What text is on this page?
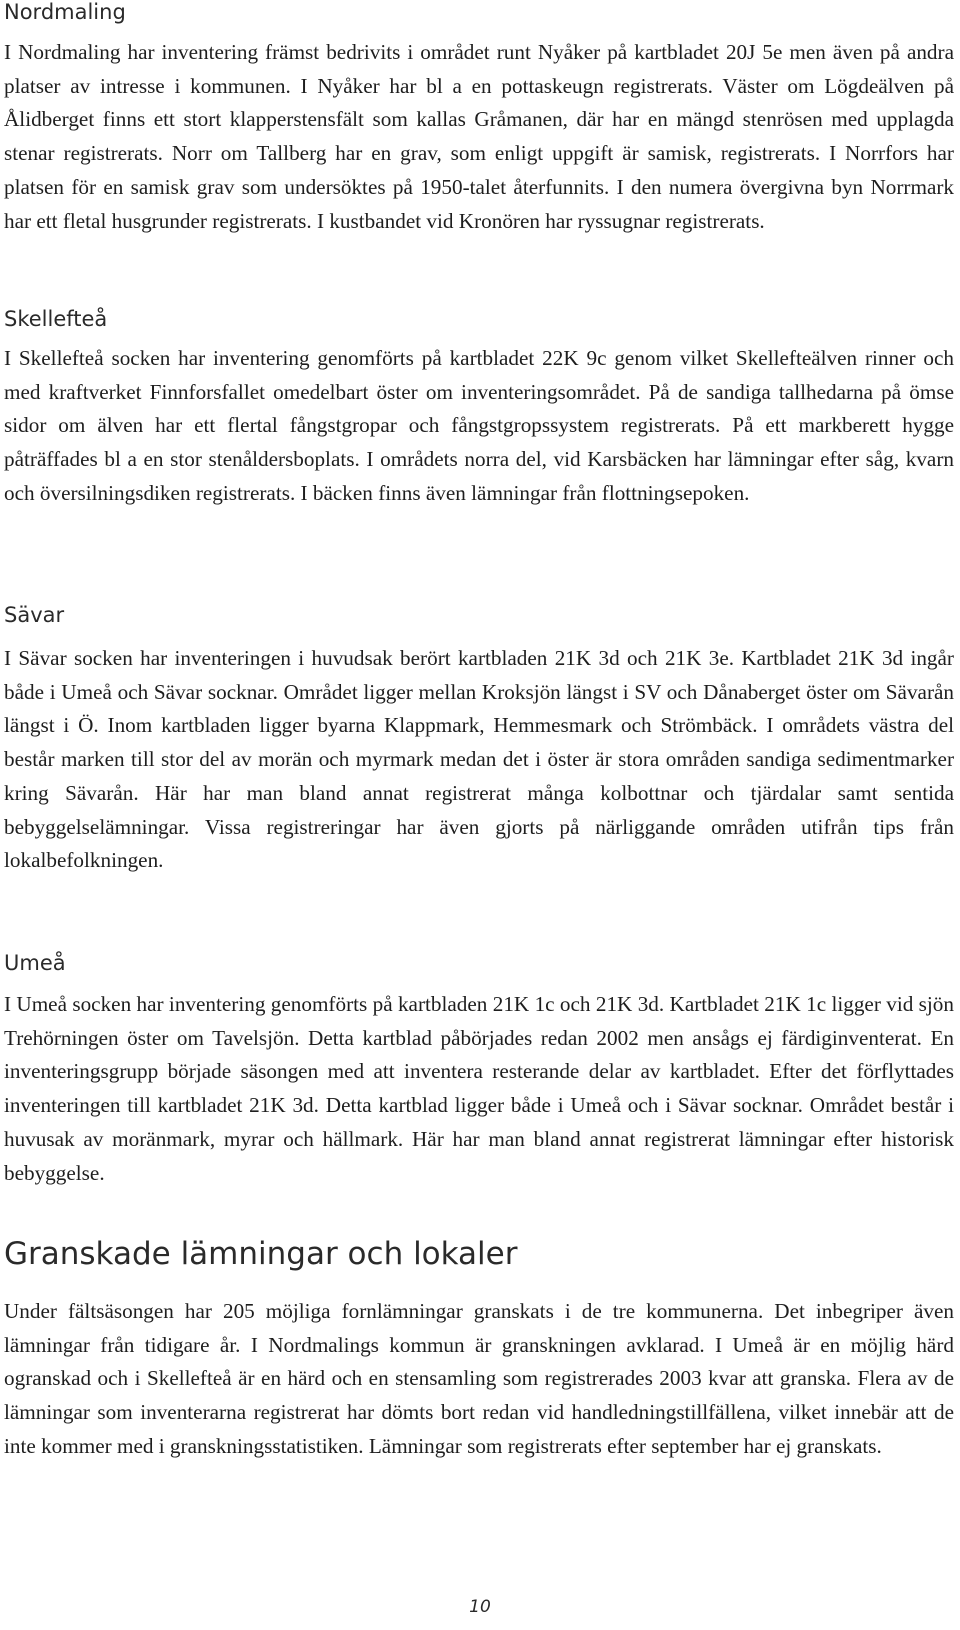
Nordmaling

I Nordmaling har inventering främst bedrivits i området runt Nyåker på kartbladet 20J 5e men även på andra platser av intresse i kommunen. I Nyåker har bl a en pottaskeugn registrerats. Väster om Lögdeälven på Ålidberget finns ett stort klapperstensfält som kallas Gråmanen, där har en mängd stenrösen med upplagda stenar registrerats. Norr om Tallberg har en grav, som enligt uppgift är samisk, registrerats. I Norrfors har platsen för en samisk grav som undersöktes på 1950-talet återfunnits. I den numera övergivna byn Norrmark har ett fletal husgrunder registrerats. I kustbandet vid Kronören har ryssugnar registrerats.

Skellefteå

I Skellefteå socken har inventering genomförts på kartbladet 22K 9c genom vilket Skellefteälven rinner och med kraftverket Finnforsfallet omedelbart öster om inventeringsområdet. På de sandiga tallhedarna på ömse sidor om älven har ett flertal fångstgropar och fångstgropssystem registrerats. På ett markberett hygge påträffades bl a en stor stenåldersboplats. I områdets norra del, vid Karsbäcken har lämningar efter såg, kvarn och översilningsdiken registrerats. I bäcken finns även lämningar från flottningsepoken.

Sävar

I Sävar socken har inventeringen i huvudsak berört kartbladen 21K 3d och 21K 3e. Kartbladet 21K 3d ingår både i Umeå och Sävar socknar. Området ligger mellan Kroksjön längst i SV och Dånaberget öster om Sävarån längst i Ö. Inom kartbladen ligger byarna Klappmark, Hemmesmark och Strömbäck. I områdets västra del består marken till stor del av morän och myrmark medan det i öster är stora områden sandiga sedimentmarker kring Sävarån. Här har man bland annat registrerat många kolbottnar och tjärdalar samt sentida bebyggelselämningar. Vissa registreringar har även gjorts på närliggande områden utifrån tips från lokalbefolkningen.

Umeå

I Umeå socken har inventering genomförts på kartbladen 21K 1c och 21K 3d. Kartbladet 21K 1c ligger vid sjön Trehörningen öster om Tavelsjön. Detta kartblad påbörjades redan 2002 men ansågs ej färdiginventerat. En inventeringsgrupp började säsongen med att inventera resterande delar av kartbladet. Efter det förflyttades inventeringen till kartbladet 21K 3d. Detta kartblad ligger både i Umeå och i Sävar socknar. Området består i huvusak av moränmark, myrar och hällmark. Här har man bland annat registrerat lämningar efter historisk bebyggelse.

Granskade lämningar och lokaler

Under fältsäsongen har 205 möjliga fornlämningar granskats i de tre kommunerna. Det inbegriper även lämningar från tidigare år. I Nordmalings kommun är granskningen avklarad. I Umeå är en möjlig härd ogranskad och i Skellefteå är en härd och en stensamling som registrerades 2003 kvar att granska. Flera av de lämningar som inventerarna registrerat har dömts bort redan vid handledningstillfällena, vilket innebär att de inte kommer med i granskningsstatistiken. Lämningar som registrerats efter september har ej granskats.

10
